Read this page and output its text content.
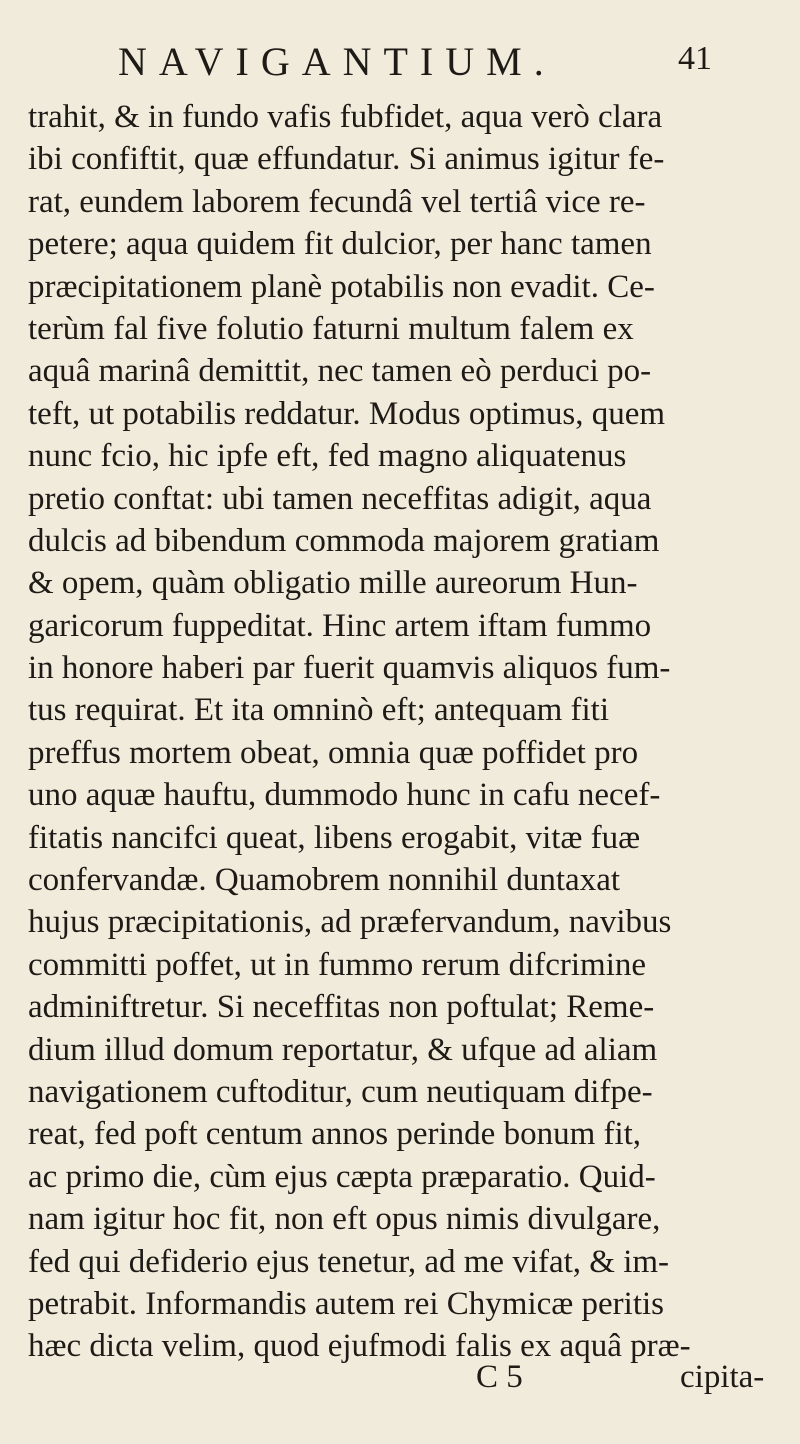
NAVIGANTIUM.	41
trahit, & in fundo vafis fubfidet, aqua verò clara
ibi confiftit, quæ effundatur. Si animus igitur fe-
rat, eundem laborem fecundâ vel tertiâ vice re-
petere; aqua quidem fit dulcior, per hanc tamen
præcipitationem planè potabilis non evadit. Ce-
terùm fal five folutio faturni multum falem ex
aquâ marinâ demittit, nec tamen eò perduci po-
teft, ut potabilis reddatur. Modus optimus, quem
nunc fcio, hic ipfe eft, fed magno aliquatenus
pretio conftat: ubi tamen neceffitas adigit, aqua
dulcis ad bibendum commoda majorem gratiam
& opem, quàm obligatio mille aureorum Hun-
garicorum fuppeditat. Hinc artem iftam fummo
in honore haberi par fuerit quamvis aliquos fum-
tus requirat. Et ita omninò eft; antequam fiti
preffus mortem obeat, omnia quæ poffidet pro
uno aquæ hauftu, dummodo hunc in cafu necef-
fitatis nancifci queat, libens erogabit, vitæ fuæ
confervandæ. Quamobrem nonnihil duntaxat
hujus præcipitationis, ad præfervandum, navibus
committi poffet, ut in fummo rerum difcrimine
adminiftretur. Si neceffitas non poftulat; Reme-
dium illud domum reportatur, & ufque ad aliam
navigationem cuftoditur, cum neutiquam difpe-
reat, fed poft centum annos perinde bonum fit,
ac primo die, cùm ejus cæpta præparatio. Quid-
nam igitur hoc fit, non eft opus nimis divulgare,
fed qui defiderio ejus tenetur, ad me vifat, & im-
petrabit. Informandis autem rei Chymicæ peritis
hæc dicta velim, quod ejufmodi falis ex aquâ præ-
C 5	cipita-
